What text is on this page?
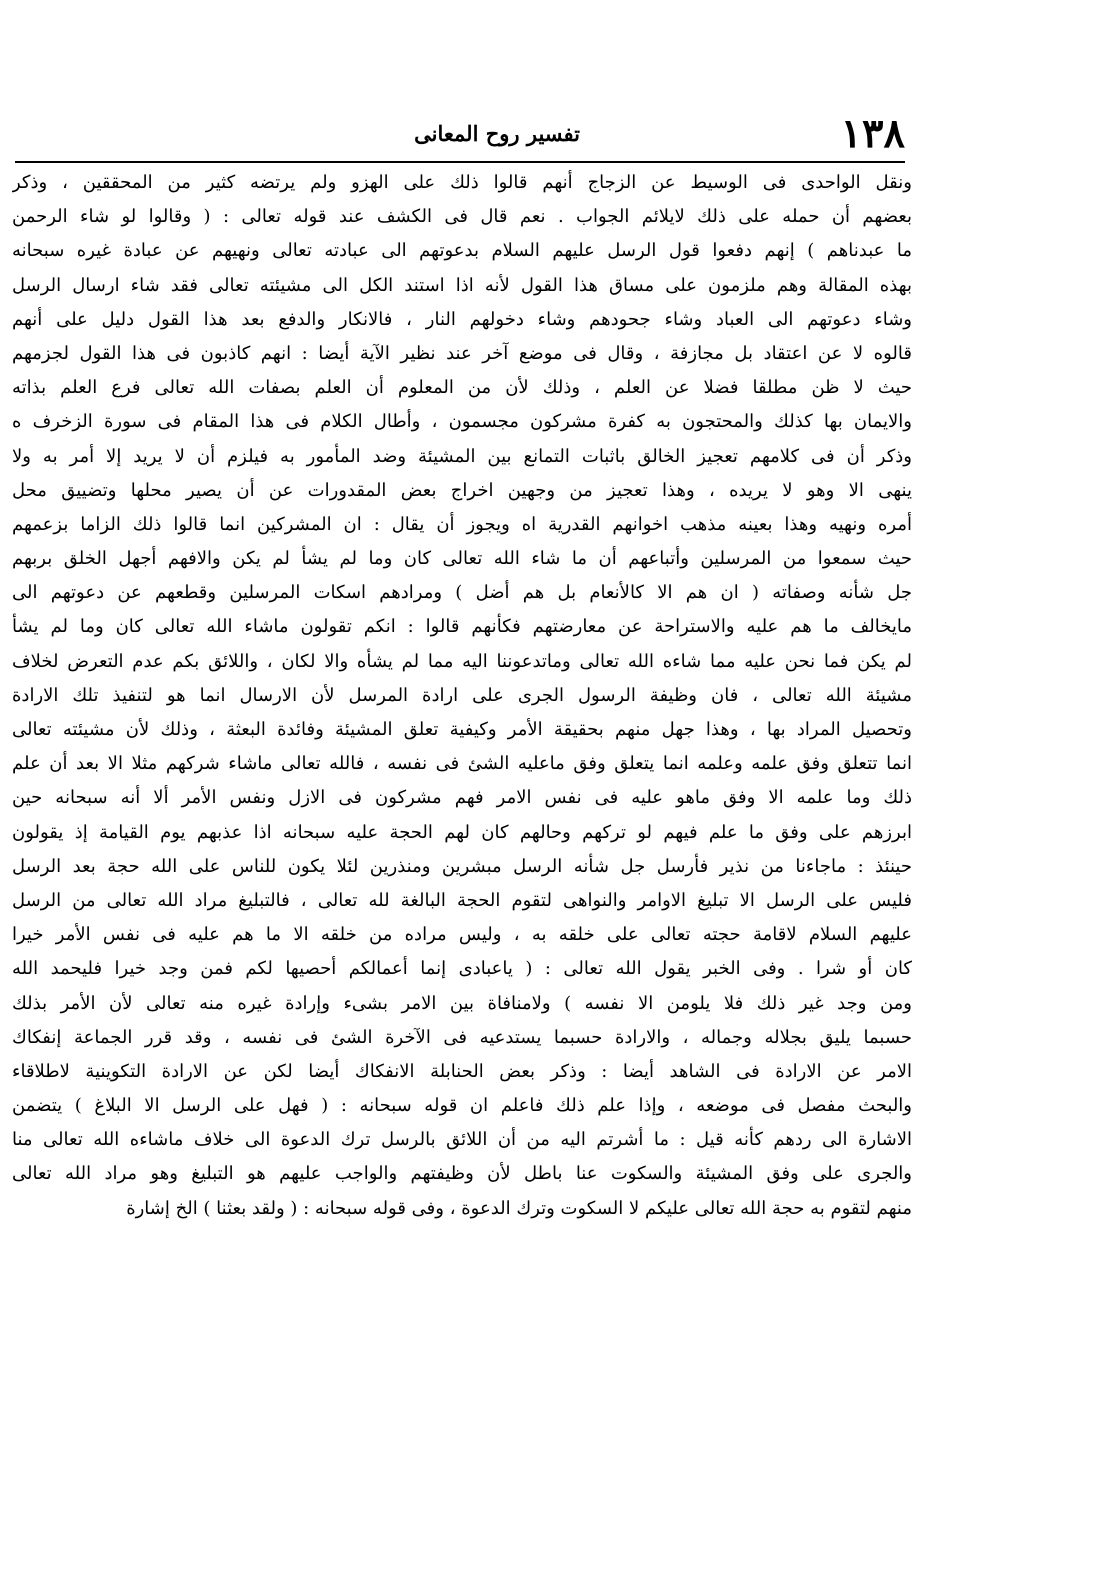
١٣٨
تفسير روح المعانى
ونقل الواحدى فى الوسيط عن الزجاج أنهم قالوا ذلك على الهزو ولم يرتضه كثير من المحققين ، وذكر
بعضهم أن حمله على ذلك لايلائم الجواب . نعم قال فى الكشف عند قوله تعالى : ( وقالوا لو شاء الرحمن
ما عبدناهم ) إنهم دفعوا قول الرسل عليهم السلام بدعوتهم الى عبادته تعالى ونهيهم عن عبادة غيره سبحانه
بهذه المقالة وهم ملزمون على مساق هذا القول لأنه اذا استند الكل الى مشيئته تعالى فقد شاء ارسال الرسل
وشاء دعوتهم الى العباد وشاء جحودهم وشاء دخولهم النار ، فالانكار والدفع بعد هذا القول دليل على أنهم
قالوه لا عن اعتقاد بل مجازفة ، وقال فى موضع آخر عند نظير الآية أيضا : انهم كاذبون فى هذا القول لجزمهم
حيث لا ظن مطلقا فضلا عن العلم ، وذلك لأن من المعلوم أن العلم بصفات الله تعالى فرع العلم بذاته
والايمان بها كذلك والمحتجون به كفرة مشركون مجسمون ، وأطال الكلام فى هذا المقام فى سورة الزخرف ه
وذكر أن فى كلامهم تعجيز الخالق باثبات التمانع بين المشيئة وضد المأمور به فيلزم أن لا يريد إلا أمر به ولا
ينهى الا وهو لا يريده ، وهذا تعجيز من وجهين اخراج بعض المقدورات عن أن يصير محلها وتضييق محل
أمره ونهيه وهذا بعينه مذهب اخوانهم القدرية اه ويجوز أن يقال : ان المشركين انما قالوا ذلك الزاما بزعمهم
حيث سمعوا من المرسلين وأتباعهم أن ما شاء الله تعالى كان وما لم يشأ لم يكن والافهم أجهل الخلق بربهم
جل شأنه وصفاته ( ان هم الا كالأنعام بل هم أضل ) ومرادهم اسكات المرسلين وقطعهم عن دعوتهم الى
مايخالف ما هم عليه والاستراحة عن معارضتهم فكأنهم قالوا : انكم تقولون ماشاء الله تعالى كان وما لم يشأ
لم يكن فما نحن عليه مما شاءه الله تعالى وماتدعوننا اليه مما لم يشأه والا لكان ، واللائق بكم عدم التعرض لخلاف
مشيئة الله تعالى ، فان وظيفة الرسول الجرى على ارادة المرسل لأن الارسال انما هو لتنفيذ تلك الارادة
وتحصيل المراد بها ، وهذا جهل منهم بحقيقة الأمر وكيفية تعلق المشيئة وفائدة البعثة ، وذلك لأن مشيئته تعالى
انما تتعلق وفق علمه وعلمه انما يتعلق وفق ماعليه الشئ فى نفسه ، فالله تعالى ماشاء شركهم مثلا الا بعد أن علم
ذلك وما علمه الا وفق ماهو عليه فى نفس الامر فهم مشركون فى الازل ونفس الأمر ألا أنه سبحانه حين
ابرزهم على وفق ما علم فيهم لو تركهم وحالهم كان لهم الحجة عليه سبحانه اذا عذبهم يوم القيامة إذ يقولون
حينئذ : ماجاءنا من نذير فأرسل جل شأنه الرسل مبشرين ومنذرين لئلا يكون للناس على الله حجة بعد الرسل
فليس على الرسل الا تبليغ الاوامر والنواهى لتقوم الحجة البالغة لله تعالى ، فالتبليغ مراد الله تعالى من الرسل
عليهم السلام لاقامة حجته تعالى على خلقه به ، وليس مراده من خلقه الا ما هم عليه فى نفس الأمر خيرا
كان أو شرا . وفى الخبر يقول الله تعالى : ( ياعبادى إنما أعمالكم أحصيها لكم فمن وجد خيرا فليحمد الله
ومن وجد غير ذلك فلا يلومن الا نفسه ) ولامنافاة بين الامر بشىء وإرادة غيره منه تعالى لأن الأمر بذلك
حسبما يليق بجلاله وجماله ، والارادة حسبما يستدعيه فى الآخرة الشئ فى نفسه ، وقد قرر الجماعة إنفكاك
الامر عن الارادة فى الشاهد أيضا : وذكر بعض الحنابلة الانفكاك أيضا لكن عن الارادة التكوينية لاطلاقاء
والبحث مفصل فى موضعه ، وإذا علم ذلك فاعلم ان قوله سبحانه : ( فهل على الرسل الا البلاغ ) يتضمن
الاشارة الى ردهم كأنه قيل : ما أشرتم اليه من أن اللائق بالرسل ترك الدعوة الى خلاف ماشاءه الله تعالى منا
والجرى على وفق المشيئة والسكوت عنا باطل لأن وظيفتهم والواجب عليهم هو التبليغ وهو مراد الله تعالى
منهم لتقوم به حجة الله تعالى عليكم لا السكوت وترك الدعوة ، وفى قوله سبحانه : ( ولقد بعثنا ) الخ إشارة
